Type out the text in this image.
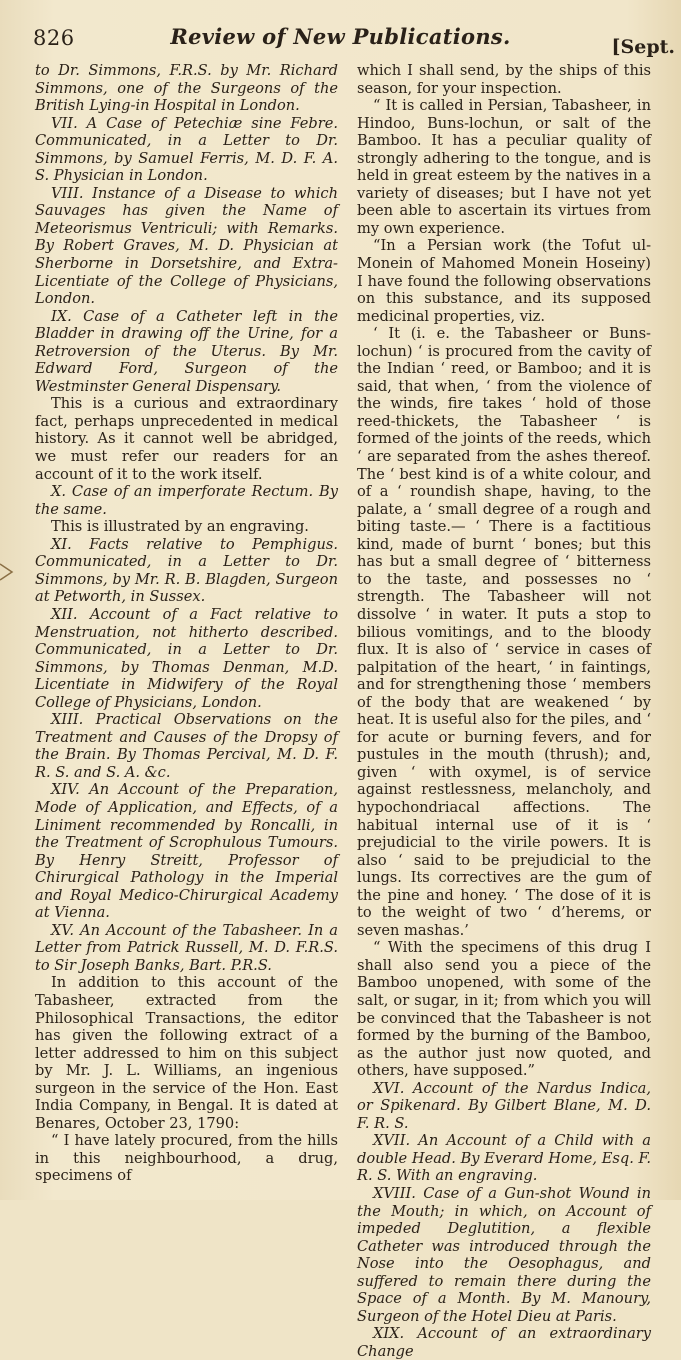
826	Review of New Publications.	[Sept.
to Dr. Simmons, F.R.S. by Mr. Richard Simmons, one of the Surgeons of the British Lying-in Hospital in London.
VII. A Case of Petechiæ sine Febre. Communicated, in a Letter to Dr. Simmons, by Samuel Ferris, M. D. F. A. S. Physician in London.
VIII. Instance of a Disease to which Sauvages has given the Name of Meteorismus Ventriculi; with Remarks. By Robert Graves, M. D. Physician at Sherborne in Dorsetshire, and Extra-Licentiate of the College of Physicians, London.
IX. Case of a Catheter left in the Bladder in drawing off the Urine, for a Retroversion of the Uterus. By Mr. Edward Ford, Surgeon of the Westminster General Dispensary.
This is a curious and extraordinary fact, perhaps unprecedented in medical history. As it cannot well be abridged, we must refer our readers for an account of it to the work itself.
X. Case of an imperforate Rectum. By the same.
This is illustrated by an engraving.
XI. Facts relative to Pemphigus. Communicated, in a Letter to Dr. Simmons, by Mr. R. B. Blagden, Surgeon at Petworth, in Sussex.
XII. Account of a Fact relative to Menstruation, not hitherto described. Communicated, in a Letter to Dr. Simmons, by Thomas Denman, M.D. Licentiate in Midwifery of the Royal College of Physicians, London.
XIII. Practical Observations on the Treatment and Causes of the Dropsy of the Brain. By Thomas Percival, M. D. F. R. S. and S. A. &c.
XIV. An Account of the Preparation, Mode of Application, and Effects, of a Liniment recommended by Roncalli, in the Treatment of Scrophulous Tumours. By Henry Streitt, Professor of Chirurgical Pathology in the Imperial and Royal Medico-Chirurgical Academy at Vienna.
XV. An Account of the Tabasheer. In a Letter from Patrick Russell, M. D. F.R.S. to Sir Joseph Banks, Bart. P.R.S.
In addition to this account of the Tabasheer, extracted from the Philosophical Transactions, the editor has given the following extract of a letter addressed to him on this subject by Mr. J. L. Williams, an ingenious surgeon in the service of the Hon. East India Company, in Bengal. It is dated at Benares, October 23, 1790:
“ I have lately procured, from the hills in this neighbourhood, a drug, specimens of
which I shall send, by the ships of this season, for your inspection.
“ It is called in Persian, Tabasheer, in Hindoo, Buns-lochun, or salt of the Bamboo. It has a peculiar quality of strongly adhering to the tongue, and is held in great esteem by the natives in a variety of diseases; but I have not yet been able to ascertain its virtues from my own experience.
“In a Persian work (the Tofut ul-Monein of Mahomed Monein Hoseiny) I have found the following observations on this substance, and its supposed medicinal properties, viz.
‘ It (i. e. the Tabasheer or Buns-lochun) ‘ is procured from the cavity of the Indian ‘ reed, or Bamboo; and it is said, that when, ‘ from the violence of the winds, fire takes ‘ hold of those reed-thickets, the Tabasheer ‘ is formed of the joints of the reeds, which ‘ are separated from the ashes thereof. The ‘ best kind is of a white colour, and of a ‘ roundish shape, having, to the palate, a ‘ small degree of a rough and biting taste.— ‘ There is a factitious kind, made of burnt ‘ bones; but this has but a small degree of ‘ bitterness to the taste, and possesses no ‘ strength. The Tabasheer will not dissolve ‘ in water. It puts a stop to bilious vomitings, and to the bloody flux. It is also of ‘ service in cases of palpitation of the heart, ‘ in faintings, and for strengthening those ‘ members of the body that are weakened ‘ by heat. It is useful also for the piles, and ‘ for acute or burning fevers, and for pustules in the mouth (thrush); and, given ‘ with oxymel, is of service against restlessness, melancholy, and hypochondriacal affections. The habitual internal use of it is ‘ prejudicial to the virile powers. It is also ‘ said to be prejudicial to the lungs. Its correctives are the gum of the pine and honey. ‘ The dose of it is to the weight of two ‘ d’herems, or seven mashas.’
“ With the specimens of this drug I shall also send you a piece of the Bamboo unopened, with some of the salt, or sugar, in it; from which you will be convinced that the Tabasheer is not formed by the burning of the Bamboo, as the author just now quoted, and others, have supposed.”
XVI. Account of the Nardus Indica, or Spikenard. By Gilbert Blane, M. D. F. R. S.
XVII. An Account of a Child with a double Head. By Everard Home, Esq. F. R. S. With an engraving.
XVIII. Case of a Gun-shot Wound in the Mouth; in which, on Account of impeded Deglutition, a flexible Catheter was introduced through the Nose into the Oesophagus, and suffered to remain there during the Space of a Month. By M. Manoury, Surgeon of the Hotel Dieu at Paris.
XIX. Account of an extraordinary Change
